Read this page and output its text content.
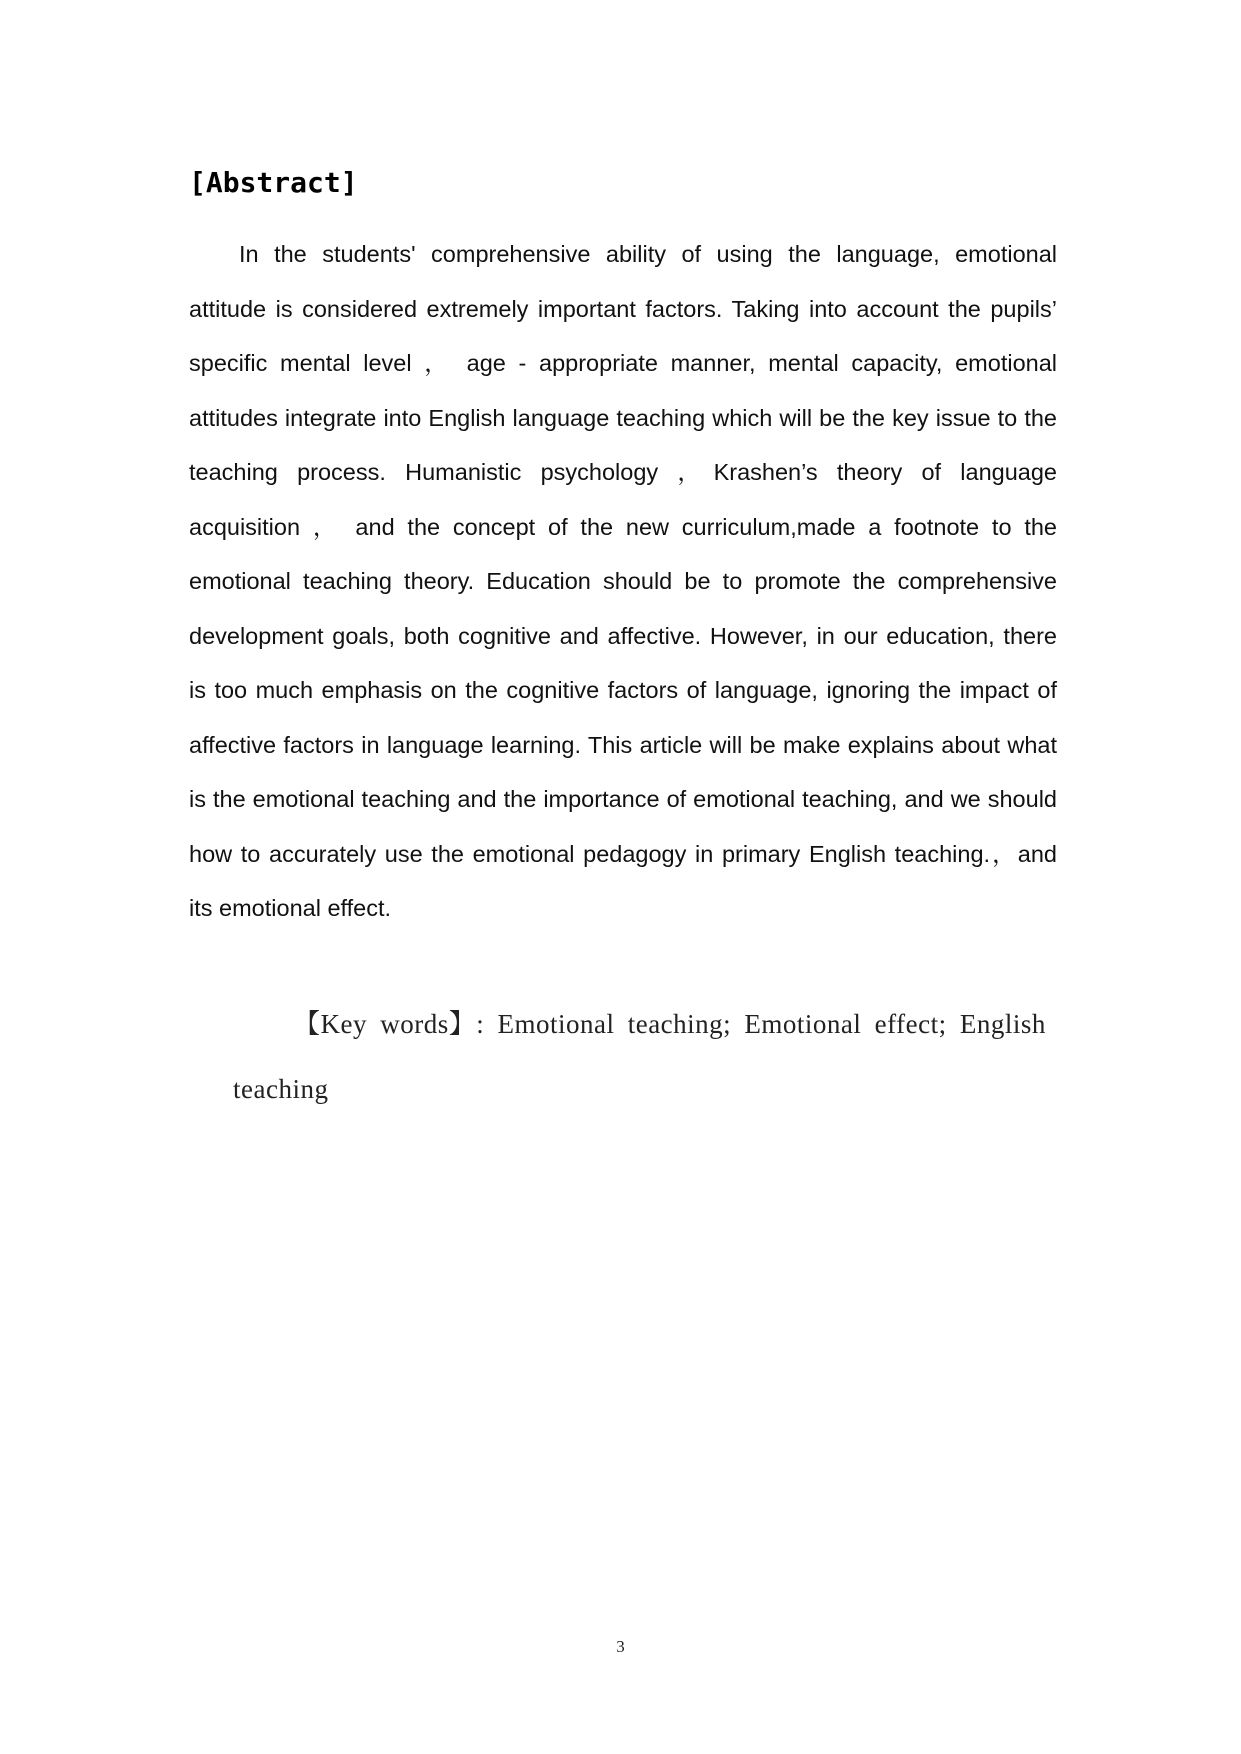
[Abstract]

In the students' comprehensive ability of using the language, emotional attitude is considered extremely important factors. Taking into account the pupils’ specific mental level ， age - appropriate manner, mental capacity, emotional attitudes integrate into English language teaching which will be the key issue to the teaching process. Humanistic psychology ，Krashen’s theory of language acquisition ， and the concept of the new curriculum,made a footnote to the emotional teaching theory. Education should be to promote the comprehensive development goals, both cognitive and affective. However, in our education, there is too much emphasis on the cognitive factors of language, ignoring the impact of affective factors in language learning. This article will be make explains about what is the emotional teaching and the importance of emotional teaching, and we should how to accurately use the emotional pedagogy in primary English teaching.，and its emotional effect.

【Key words】: Emotional teaching; Emotional effect; English teaching

3
